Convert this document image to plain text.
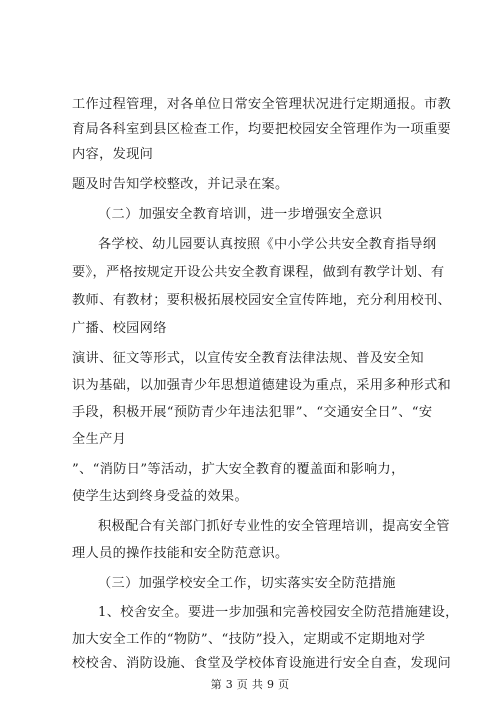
工作过程管理，对各单位日常安全管理状况进行定期通报。市教
育局各科室到县区检查工作，均要把校园安全管理作为一项重要
内容，发现问
题及时告知学校整改，并记录在案。
（二）加强安全教育培训，进一步增强安全意识
各学校、幼儿园要认真按照《中小学公共安全教育指导纲
要》，严格按规定开设公共安全教育课程，做到有教学计划、有
教师、有教材；要积极拓展校园安全宣传阵地，充分利用校刊、
广播、校园网络
演讲、征文等形式，以宣传安全教育法律法规、普及安全知
识为基础，以加强青少年思想道德建设为重点，采用多种形式和
手段，积极开展“预防青少年违法犯罪”、“交通安全日”、“安
全生产月
”、“消防日”等活动，扩大安全教育的覆盖面和影响力，
使学生达到终身受益的效果。
积极配合有关部门抓好专业性的安全管理培训，提高安全管
理人员的操作技能和安全防范意识。
（三）加强学校安全工作，切实落实安全防范措施
1、校舍安全。要进一步加强和完善校园安全防范措施建设，
加大安全工作的“物防”、“技防”投入，定期或不定期地对学
校校舍、消防设施、食堂及学校体育设施进行安全自查，发现问
第 3 页 共 9 页
